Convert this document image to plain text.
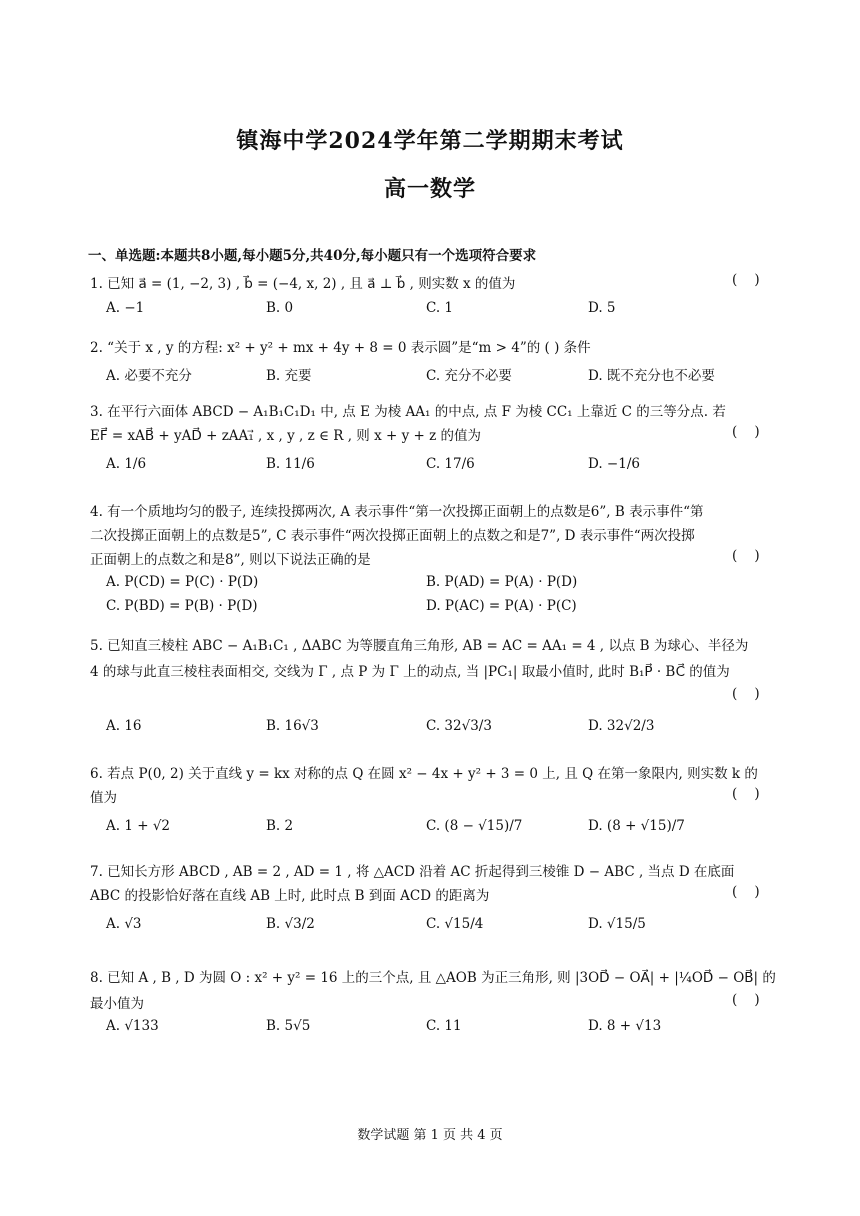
镇海中学2024学年第二学期期末考试
高一数学
一、单选题:本题共8小题,每小题5分,共40分,每小题只有一个选项符合要求
1. 已知 a⃗ = (1, −2, 3) , b⃗ = (−4, x, 2) , 且 a⃗ ⊥ b⃗ , 则实数 x 的值为	(    )
A. −1	B. 0	C. 1	D. 5
2. “关于 x , y 的方程: x² + y² + mx + 4y + 8 = 0 表示圆”是“m > 4”的 ( ) 条件
A. 必要不充分	B. 充要	C. 充分不必要	D. 既不充分也不必要
3. 在平行六面体 ABCD − A₁B₁C₁D₁ 中, 点 E 为棱 AA₁ 的中点, 点 F 为棱 CC₁ 上靠近 C 的三等分点. 若
EF⃗ = xAB⃗ + yAD⃗ + zAA₁⃗ , x , y , z ∈ R , 则 x + y + z 的值为	(    )
A. 1/6	B. 11/6	C. 17/6	D. −1/6
4. 有一个质地均匀的骰子, 连续投掷两次, A 表示事件“第一次投掷正面朝上的点数是6”, B 表示事件“第
二次投掷正面朝上的点数是5”, C 表示事件“两次投掷正面朝上的点数之和是7”, D 表示事件“两次投掷
正面朝上的点数之和是8”, 则以下说法正确的是	(    )
A. P(CD) = P(C) · P(D)	B. P(AD) = P(A) · P(D)
C. P(BD) = P(B) · P(D)	D. P(AC) = P(A) · P(C)
5. 已知直三棱柱 ABC − A₁B₁C₁ , ΔABC 为等腰直角三角形, AB = AC = AA₁ = 4 , 以点 B 为球心、半径为
4 的球与此直三棱柱表面相交, 交线为 Γ , 点 P 为 Γ 上的动点, 当 |PC₁| 取最小值时, 此时 B₁P⃗ · BC⃗ 的值为
(    )
A. 16	B. 16√3	C. 32√3/3	D. 32√2/3
6. 若点 P(0, 2) 关于直线 y = kx 对称的点 Q 在圆 x² − 4x + y² + 3 = 0 上, 且 Q 在第一象限内, 则实数 k 的
值为	(    )
A. 1 + √2	B. 2	C. (8 − √15)/7	D. (8 + √15)/7
7. 已知长方形 ABCD , AB = 2 , AD = 1 , 将 △ACD 沿着 AC 折起得到三棱锥 D − ABC , 当点 D 在底面
ABC 的投影恰好落在直线 AB 上时, 此时点 B 到面 ACD 的距离为	(    )
A. √3	B. √3/2	C. √15/4	D. √15/5
8. 已知 A , B , D 为圆 O : x² + y² = 16 上的三个点, 且 △AOB 为正三角形, 则 |3OD⃗ − OA⃗| + |¼OD⃗ − OB⃗| 的
最小值为	(    )
A. √133	B. 5√5	C. 11	D. 8 + √13
数学试题 第 1 页 共 4 页
